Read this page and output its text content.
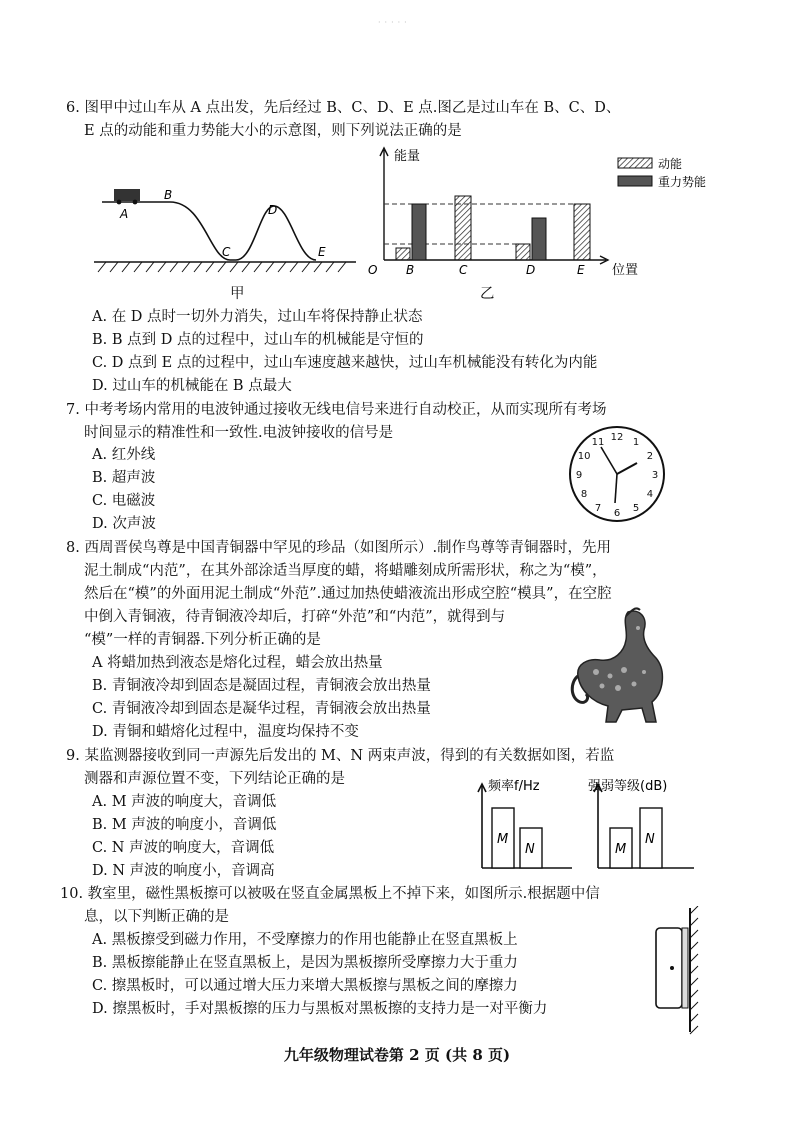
·····
6. 图甲中过山车从 A 点出发，先后经过 B、C、D、E 点.图乙是过山车在 B、C、D、
E 点的动能和重力势能大小的示意图，则下列说法正确的是
A
B
C
D
E
甲
O B	C	D	E
能量
位置
动能
重力势能
乙
A. 在 D 点时一切外力消失，过山车将保持静止状态
B. B 点到 D 点的过程中，过山车的机械能是守恒的
C. D 点到 E 点的过程中，过山车速度越来越快，过山车机械能没有转化为内能
D. 过山车的机械能在 B 点最大
7. 中考考场内常用的电波钟通过接收无线电信号来进行自动校正，从而实现所有考场
时间显示的精准性和一致性.电波钟接收的信号是
A. 红外线
B. 超声波
C. 电磁波
D. 次声波
12 1
2
3
4
5
6
7
8
9
10
11
8. 西周晋侯鸟尊是中国青铜器中罕见的珍品（如图所示）.制作鸟尊等青铜器时，先用
泥土制成“内范”，在其外部涂适当厚度的蜡，将蜡雕刻成所需形状，称之为“模”，
然后在“模”的外面用泥土制成“外范”.通过加热使蜡液流出形成空腔“模具”，在空腔
中倒入青铜液，待青铜液冷却后，打碎“外范”和“内范”，就得到与
“模”一样的青铜器.下列分析正确的是
A 将蜡加热到液态是熔化过程，蜡会放出热量
B. 青铜液冷却到固态是凝固过程，青铜液会放出热量
C. 青铜液冷却到固态是凝华过程，青铜液会放出热量
D. 青铜和蜡熔化过程中，温度均保持不变
9. 某监测器接收到同一声源先后发出的 M、N 两束声波，得到的有关数据如图，若监
测器和声源位置不变，下列结论正确的是
A. M 声波的响度大，音调低
B. M 声波的响度小，音调低
C. N 声波的响度大，音调低
D. N 声波的响度小，音调高
频率f/Hz
M
N
强弱等级(dB)
M
N
10. 教室里，磁性黑板擦可以被吸在竖直金属黑板上不掉下来，如图所示.根据题中信
息，以下判断正确的是
A. 黑板擦受到磁力作用，不受摩擦力的作用也能静止在竖直黑板上
B. 黑板擦能静止在竖直黑板上，是因为黑板擦所受摩擦力大于重力
C. 擦黑板时，可以通过增大压力来增大黑板擦与黑板之间的摩擦力
D. 擦黑板时，手对黑板擦的压力与黑板对黑板擦的支持力是一对平衡力
九年级物理试卷第 2 页 (共 8 页)
